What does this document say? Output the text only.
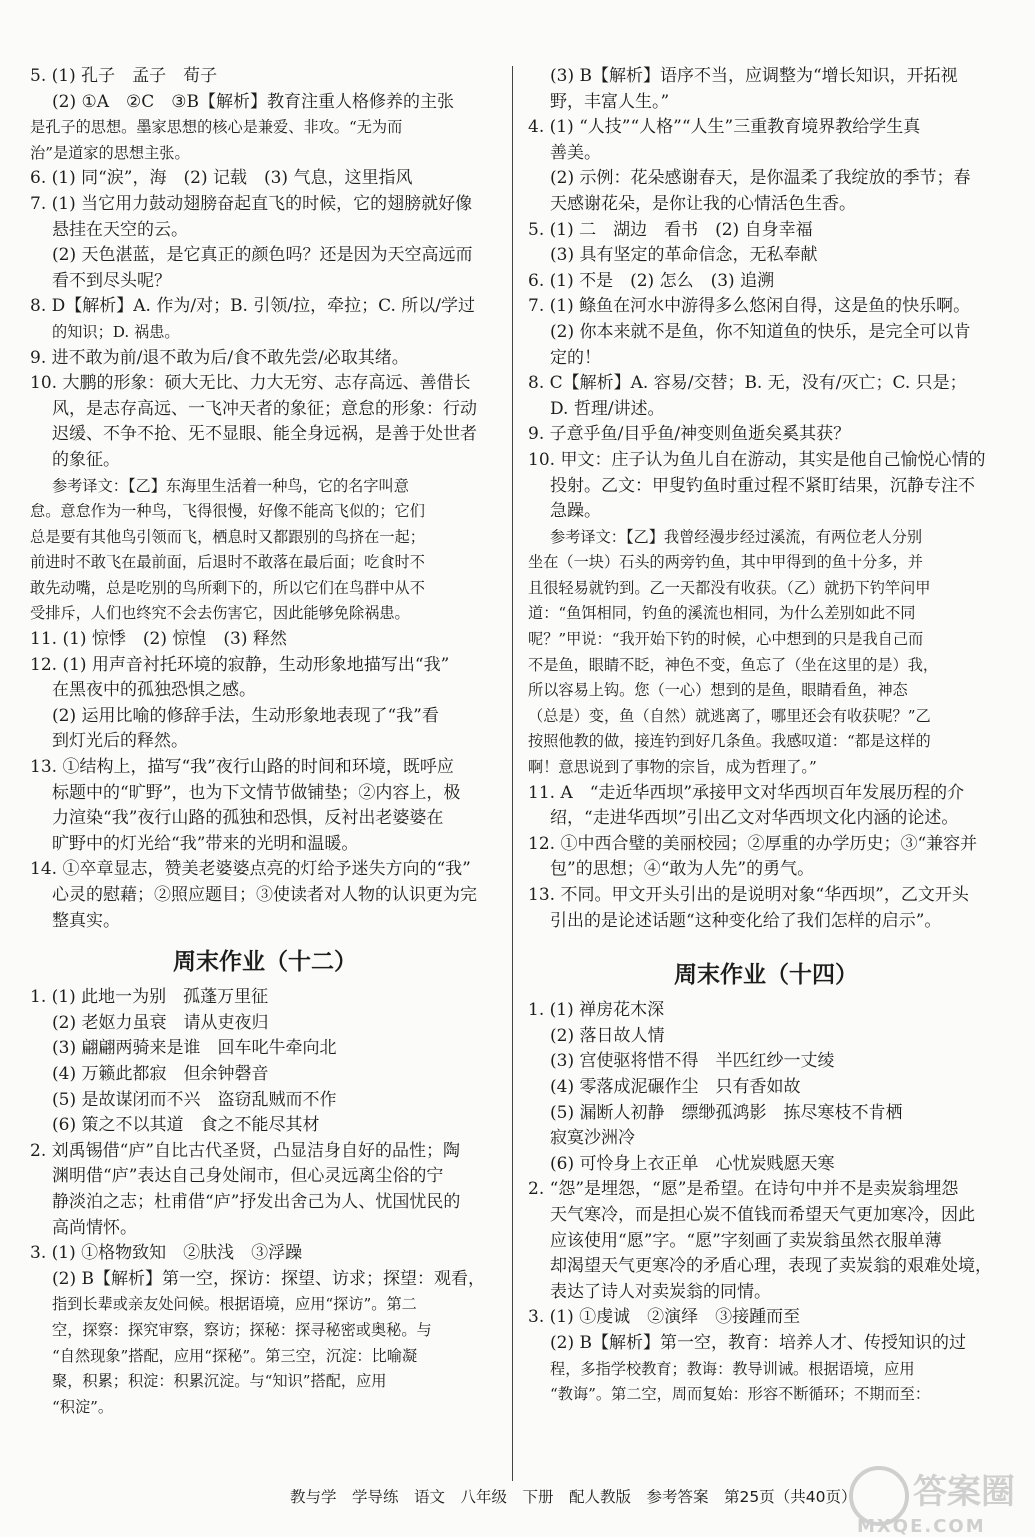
5. (1) 孔子　孟子　荀子
(2) ①A　②C　③B【解析】教育注重人格修养的主张
是孔子的思想。墨家思想的核心是兼爱、非攻。“无为而
治”是道家的思想主张。
6. (1) 同“涙”，海　(2) 记载　(3) 气息，这里指风
7. (1) 当它用力鼓动翅膀奋起直飞的时候，它的翅膀就好像
悬挂在天空的云。
(2) 天色湛蓝，是它真正的颜色吗？还是因为天空高远而
看不到尽头呢？
8. D【解析】A. 作为/对；B. 引领/拉，牵拉；C. 所以/学过
的知识；D. 祸患。
9. 进不敢为前/退不敢为后/食不敢先尝/必取其绪。
10. 大鹏的形象：硕大无比、力大无穷、志存高远、善借长
风，是志存高远、一飞冲天者的象征；意怠的形象：行动
迟缓、不争不抢、旡不显眼、能全身远祸，是善于处世者
的象征。
参考译文：【乙】东海里生活着一种鸟，它的名字叫意
怠。意怠作为一种鸟，飞得很慢，好像不能高飞似的；它们
总是要有其他鸟引领而飞，栖息时又都跟别的鸟挤在一起；
前进时不敢飞在最前面，后退时不敢落在最后面；吃食时不
敢先动嘴，总是吃别的鸟所剩下的，所以它们在鸟群中从不
受排斥，人们也终究不会去伤害它，因此能够免除祸患。
11. (1) 惊悸　(2) 惊惶　(3) 释然
12. (1) 用声音衬托环境的寂静，生动形象地描写出“我”
在黑夜中的孤独恐惧之感。
(2) 运用比喻的修辞手法，生动形象地表现了“我”看
到灯光后的释然。
13. ①结构上，描写“我”夜行山路的时间和环境，既呼应
标题中的“旷野”，也为下文情节做铺垫；②内容上，极
力渲染“我”夜行山路的孤独和恐惧，反衬出老婆婆在
旷野中的灯光给“我”带来的光明和温暖。
14. ①卒章显志，赞美老婆婆点亮的灯给予迷失方向的“我”
心灵的慰藉；②照应题目；③使读者对人物的认识更为完
整真实。
周末作业（十二）
1. (1) 此地一为别　孤蓬万里征
(2) 老妪力虽衰　请从吏夜归
(3) 翩翩两骑来是谁　回车叱牛牵向北
(4) 万籁此都寂　但余钟磬音
(5) 是故谋闭而不兴　盗窃乱贼而不作
(6) 策之不以其道　食之不能尽其材
2. 刘禹锡借“庐”自比古代圣贤，凸显洁身自好的品性；陶
渊明借“庐”表达自己身处闹市，但心灵远离尘俗的宁
静淡泊之志；杜甫借“庐”抒发出舍己为人、忧国忧民的
高尚情怀。
3. (1) ①格物致知　②肤浅　③浮躁
(2) B【解析】第一空，探访：探望、访求；探望：观看，
指到长辈或亲友处问候。根据语境，应用“探访”。第二
空，探察：探究审察，察访；探秘：探寻秘密或奥秘。与
“自然现象”搭配，应用“探秘”。第三空，沉淀：比喻凝
聚，积累；积淀：积累沉淀。与“知识”搭配，应用
“积淀”。
(3) B【解析】语序不当，应调整为“增长知识，开拓视
野，丰富人生。”
4. (1) “人技”“人格”“人生”三重教育境界教给学生真
善美。
(2) 示例：花朵感谢春天，是你温柔了我绽放的季节；春
天感谢花朵，是你让我的心情活色生香。
5. (1) 二　湖边　看书　(2) 自身幸福
(3) 具有坚定的革命信念，无私奉献
6. (1) 不是　(2) 怎么　(3) 追溯
7. (1) 鲦鱼在河水中游得多么悠闲自得，这是鱼的快乐啊。
(2) 你本来就不是鱼，你不知道鱼的快乐，是完全可以肯
定的！
8. C【解析】A. 容易/交替；B. 无，没有/灭亡；C. 只是；
D. 哲理/讲述。
9. 子意乎鱼/目乎鱼/神变则鱼逝矣奚其获？
10. 甲文：庄子认为鱼儿自在游动，其实是他自己愉悦心情的
投射。乙文：甲叟钓鱼时重过程不紧盯结果，沉静专注不
急躁。
参考译文：【乙】我曾经漫步经过溪流，有两位老人分别
坐在（一块）石头的两旁钓鱼，其中甲得到的鱼十分多，并
且很轻易就钓到。乙一天都没有收获。（乙）就扔下钓竿问甲
道：“鱼饵相同，钓鱼的溪流也相同，为什么差别如此不同
呢？”甲说：“我开始下钓的时候，心中想到的只是我自己而
不是鱼，眼睛不眨，神色不变，鱼忘了（坐在这里的是）我，
所以容易上钩。您（一心）想到的是鱼，眼睛看鱼，神态
（总是）变，鱼（自然）就逃离了，哪里还会有收获呢？”乙
按照他教的做，接连钓到好几条鱼。我感叹道：“都是这样的
啊！意思说到了事物的宗旨，成为哲理了。”
11. A　“走近华西坝”承接甲文对华西坝百年发展历程的介
绍，“走进华西坝”引出乙文对华西坝文化内涵的论述。
12. ①中西合璧的美丽校园；②厚重的办学历史；③“兼容并
包”的思想；④“敢为人先”的勇气。
13. 不同。甲文开头引出的是说明对象“华西坝”，乙文开头
引出的是论述话题“这种变化给了我们怎样的启示”。
周末作业（十四）
1. (1) 禅房花木深
(2) 落日故人情
(3) 宫使驱将惜不得　半匹红纱一丈绫
(4) 零落成泥碾作尘　只有香如故
(5) 漏断人初静　缥缈孤鸿影　拣尽寒枝不肯栖
寂寞沙洲冷
(6) 可怜身上衣正单　心忧炭贱愿天寒
2. “怨”是埋怨，“愿”是希望。在诗句中并不是卖炭翁埋怨
天气寒冷，而是担心炭不值钱而希望天气更加寒冷，因此
应该使用“愿”字。“愿”字刻画了卖炭翁虽然衣服单薄
却渴望天气更寒冷的矛盾心理，表现了卖炭翁的艰难处境，
表达了诗人对卖炭翁的同情。
3. (1) ①虔诚　②演绎　③接踵而至
(2) B【解析】第一空，教育：培养人才、传授知识的过
程，多指学校教育；教诲：教导训诫。根据语境，应用
“教诲”。第二空，周而复始：形容不断循环；不期而至：
教与学　学导练　语文　八年级　下册　配人教版　参考答案　第25页（共40页） 答案圈
MXQE.COM
